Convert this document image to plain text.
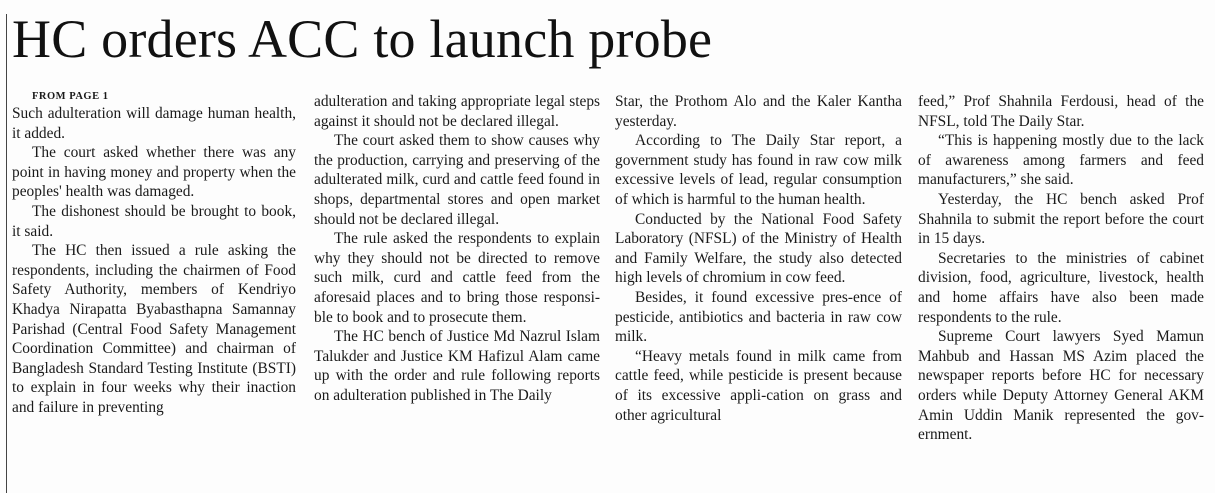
HC orders ACC to launch probe

FROM PAGE 1

Such adulteration will damage human health, it added.

The court asked whether there was any point in having money and property when the peoples' health was damaged.

The dishonest should be brought to book, it said.

The HC then issued a rule asking the respondents, including the chairmen of Food Safety Authority, members of Kendriyo Khadya Nirapatta Byabasthapna Samannay Parishad (Central Food Safety Management Coordination Committee) and chairman of Bangladesh Standard Testing Institute (BSTI) to explain in four weeks why their inaction and failure in preventing

adulteration and taking appropriate legal steps against it should not be declared illegal.

The court asked them to show causes why the production, carrying and preserving of the adulterated milk, curd and cattle feed found in shops, departmental stores and open market should not be declared illegal.

The rule asked the respondents to explain why they should not be directed to remove such milk, curd and cattle feed from the aforesaid places and to bring those responsi-ble to book and to prosecute them.

The HC bench of Justice Md Nazrul Islam Talukder and Justice KM Hafizul Alam came up with the order and rule following reports on adulteration published in The Daily

Star, the Prothom Alo and the Kaler Kantha yesterday.

According to The Daily Star report, a government study has found in raw cow milk excessive levels of lead, regular consumption of which is harmful to the human health.

Conducted by the National Food Safety Laboratory (NFSL) of the Ministry of Health and Family Welfare, the study also detected high levels of chromium in cow feed.

Besides, it found excessive pres-ence of pesticide, antibiotics and bacteria in raw cow milk.

“Heavy metals found in milk came from cattle feed, while pesticide is present because of its excessive appli-cation on grass and other agricultural

feed,” Prof Shahnila Ferdousi, head of the NFSL, told The Daily Star.

“This is happening mostly due to the lack of awareness among farmers and feed manufacturers,” she said.

Yesterday, the HC bench asked Prof Shahnila to submit the report before the court in 15 days.

Secretaries to the ministries of cabinet division, food, agriculture, livestock, health and home affairs have also been made respondents to the rule.

Supreme Court lawyers Syed Mamun Mahbub and Hassan MS Azim placed the newspaper reports before HC for necessary orders while Deputy Attorney General AKM Amin Uddin Manik represented the gov-ernment.
